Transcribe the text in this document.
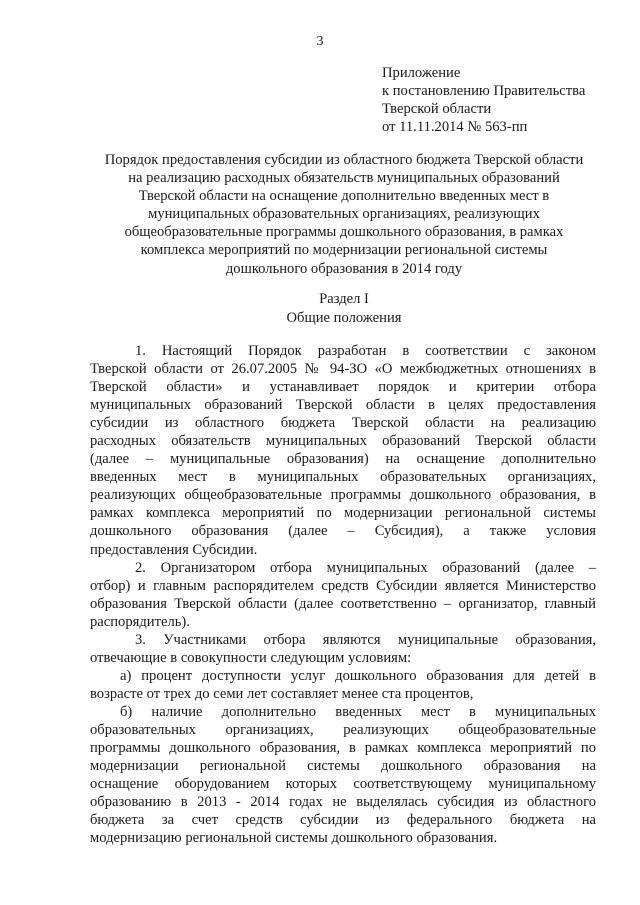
3
Приложение
к постановлению Правительства
Тверской области
от 11.11.2014 № 563-пп
Порядок предоставления субсидии из областного бюджета Тверской области
на реализацию расходных обязательств муниципальных образований
Тверской области на оснащение дополнительно введенных мест в
муниципальных образовательных организациях, реализующих
общеобразовательные программы дошкольного образования, в рамках
комплекса мероприятий по модернизации региональной системы
дошкольного образования в 2014 году
Раздел I
Общие положения
1. Настоящий Порядок разработан в соответствии с законом
Тверской области от 26.07.2005 № 94-ЗО «О межбюджетных отношениях в
Тверской области» и устанавливает порядок и критерии отбора
муниципальных образований Тверской области в целях предоставления
субсидии из областного бюджета Тверской области на реализацию
расходных обязательств муниципальных образований Тверской области
(далее – муниципальные образования) на оснащение дополнительно
введенных мест в муниципальных образовательных организациях,
реализующих общеобразовательные программы дошкольного образования, в
рамках комплекса мероприятий по модернизации региональной системы
дошкольного образования (далее – Субсидия), а также условия
предоставления Субсидии.
2. Организатором отбора муниципальных образований (далее –
отбор) и главным распорядителем средств Субсидии является Министерство
образования Тверской области (далее соответственно – организатор, главный
распорядитель).
3. Участниками отбора являются муниципальные образования,
отвечающие в совокупности следующим условиям:
а) процент доступности услуг дошкольного образования для детей в
возрасте от трех до семи лет составляет менее ста процентов,
б) наличие дополнительно введенных мест в муниципальных
образовательных организациях, реализующих общеобразовательные
программы дошкольного образования, в рамках комплекса мероприятий по
модернизации региональной системы дошкольного образования на
оснащение оборудованием которых соответствующему муниципальному
образованию в 2013 - 2014 годах не выделялась субсидия из областного
бюджета за счет средств субсидии из федерального бюджета на
модернизацию региональной системы дошкольного образования.
